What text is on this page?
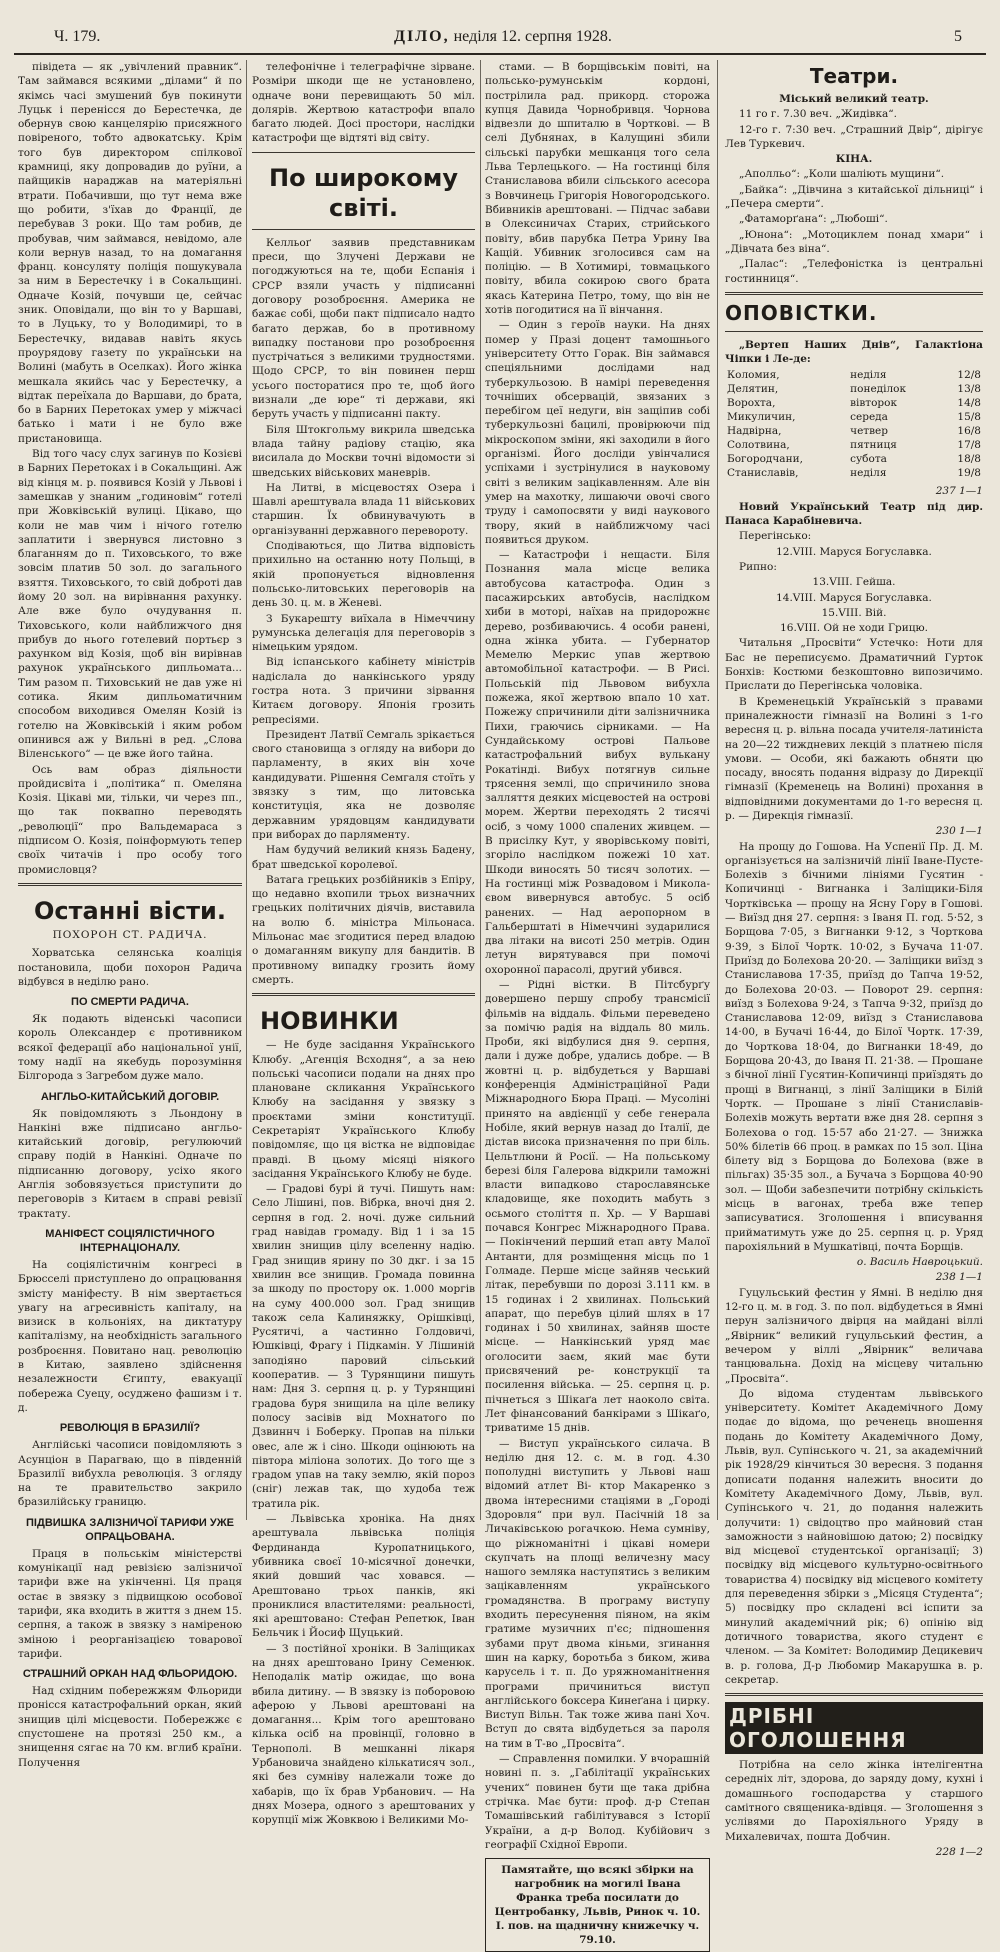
Ч. 179.	ДІЛО, неділя 12. серпня 1928.	5

півідета — як „увічлений правник“. Там займався всякими „ділами“ й по якімсь часі змушений був покинути Луцьк і перенісся до Берестечка, де обернув свою канцелярію присяжного повіреного, тобто адвокатську. Крім того був директором спілкової крамниці, яку допровадив до руїни, а пайщиків нараджав на матеріяльні втрати. Побачивши, що тут нема вже що робити, з'їхав до Франції, де перебував 3 роки. Що там робив, де пробував, чим займався, невідомо, але коли вернув назад, то на домагання франц. консуляту поліція пошукувала за ним в Берестечку і в Сокальщині. Одначе Козій, почувши це, сейчас зник. Оповідали, що він то у Варшаві, то в Луцьку, то у Володимирі, то в Берестечку, видавав навіть якусь проурядову газету по українськи на Волині (мабуть в Оселках). Його жінка мешкала якийсь час у Берестечку, а відтак переїхала до Варшави, до брата, бо в Барних Перетоках умер у міжчасі батько і мати і не було вже пристановища.

Від того часу слух загинув по Козієві в Барних Перетоках і в Сокальщині. Аж від кінця м. р. появився Козій у Львові і замешкав у знаним „годиновім“ готелі при Жовківській вулиці. Цікаво, що коли не мав чим і нічого готелю заплатити і звернувся листовно з благанням до п. Тиховського, то вже зовсім платив 50 зол. до загального взяття. Тиховського, то свій доброті дав йому 20 зол. на вирівнання рахунку. Але вже було очудування п. Тиховського, коли найближчого дня прибув до нього готелевий портьєр з рахунком від Козія, щоб він вирівнав рахунок українського дипльомата... Тим разом п. Тиховський не дав уже ні сотика. Яким дипльоматичним способом виходився Омелян Козій із готелю на Жовківській і яким робом опинився аж у Вильні в ред. „Слова Віленського“ — це вже його тайна.

Ось вам образ діяльности пройдисвіта і „політика“ п. Омеляна Козія. Цікаві ми, тільки, чи через пп., що так поквапно переводять „революції“ про Вальдемараса з підписом О. Козія, поінформують тепер своїх читачів і про особу того промисловця?

Останні вісти.
ПОХОРОН СТ. РАДИЧА.

Хорватська селянська коаліція постановила, щоби похорон Радича відбувся в неділю рано.

ПО СМЕРТИ РАДИЧА.

Як подають віденські часописи король Олександер є противником всякої федерації або національної унії, тому надії на якебудь порозуміння Білгорода з Загребом дуже мало.

АНГЛЬО-КИТАЙСЬКИЙ ДОГОВІР.

Як повідомляють з Льондону в Нанкіні вже підписано англьо-китайський договір, регулюючий справу подій в Нанкіні. Одначе по підписанню договору, усіхо якого Англія зобовязується приступити до переговорів з Китаєм в справі ревізії трактату.

МАНІФЕСТ СОЦІЯЛІСТИЧНОГО ІНТЕРНАЦІОНАЛУ.

На соціялістичнім конгресі в Брюсселі приступлено до опрацювання змісту маніфесту. В нім звертається увагу на агресивність капіталу, на визиск в кольоніях, на диктатуру капіталізму, на необхідність загального розброєння. Повитано нац. революцію в Китаю, заявлено здійснення незалежности Єгипту, евакуації побережа Суецу, осуджено фашизм і т. д.

РЕВОЛЮЦІЯ В БРАЗИЛІЇ?

Англійські часописи повідомляють з Асунціон в Парагваю, що в південній Бразилії вибухла революція. З огляду на те правительство закрило бразилійську границю.

ПІДВИШКА ЗАЛІЗНИЧОЇ ТАРИФИ УЖЕ ОПРАЦЬОВАНА.

Праця в польськім міністерстві комунікації над ревізією залізничої тарифи вже на укінченні. Ця праця остає в звязку з підвищкою особової тарифи, яка входить в життя з днем 15. серпня, а також в звязку з наміреною зміною і реорганізацією товарової тарифи.

СТРАШНИЙ ОРКАН НАД ФЛЬОРИДОЮ.

Над східним побережжям Фльориди пронісся катастрофальний оркан, який знищив цілі місцевости. Побережжє є спустошене на протязі 250 км., а знищення сягає на 70 км. вглиб країни. Получення

телефонічне і телеграфічне зірване. Розміри шкоди ще не установлено, одначе вони перевищають 50 міл. долярів. Жертвою катастрофи впало багато людей. Досі простори, наслідки катастрофи ще відтяті від світу.

По широкому світі.

Келльоґ заявив представникам преси, що Злучені Держави не погоджуються на те, щоби Еспанія і СРСР взяли участь у підписанні договору розоброєння. Америка не бажає собі, щоби пакт підписало надто багато держав, бо в противному випадку постанови про розоброєння пустрічаться з великими трудностями. Щодо СРСР, то він повинен перш усього посторатися про те, щоб його визнали „де юре“ ті держави, які беруть участь у підписанні пакту.

Біля Штокгольму викрила шведська влада тайну радіову стацію, яка висилала до Москви точні відомости зі шведських військових маневрів.

На Литві, в місцевостях Озера і Шавлі арештувала влада 11 військових старшин. Їх обвинувачують в організуванні державного перевороту.

Сподіваються, що Литва відповість прихильно на останню ноту Польщі, в якій пропонується відновлення польсько-литовських переговорів на день 30. ц. м. в Женеві.

З Букарешту виїхала в Німеччину румунська делегація для переговорів з німецьким урядом.

Від іспанського кабінету міністрів надіслала до нанкінського уряду гостра нота. З причини зірвання Китаєм договору. Японія грозить репресіями.

Президент Латвії Семгаль зрікається свого становища з огляду на вибори до парламенту, в яких він хоче кандидувати. Рішення Семгаля стоїть у звязку з тим, що литовська конституція, яка не дозволяє державним урядовцям кандидувати при виборах до парляменту.

Нам будучий великий князь Бадену, брат шведської королевої.

Ватага грецьких розбійників з Епіру, що недавно вхопили трьох визначних грецьких політичних діячів, виставила на волю б. міністра Мільонаса. Мільонас має згодитися перед владою о домаганням викупу для бандитів. В противному випадку грозить йому смерть.

НОВИНКИ

— Не буде засідання Українського Клюбу. „Агенція Всходня“, а за нею польські часописи подали на днях про плановане скликання Українського Клюбу на засідання у звязку з проєктами зміни конституції. Секретаріят Українського Клюбу повідомляє, що ця вістка не відповідає правді. В цьому місяці ніякого засідання Українського Клюбу не буде.

— Градові бурі й тучі. Пишуть нам: Село Лішині, пов. Вібрка, вночі дня 2. серпня в год. 2. ночі. дуже сильний град навідав громаду. Від 1 і за 15 хвилин знищив цілу вселенну надію. Град знищив ярину по 30 дкг. і за 15 хвилин все знищив. Громада повинна за шкоду по простору ок. 1.000 моргів на суму 400.000 зол. Град знищив також села Калиняжку, Орішківці, Русятичі, а частинно Голдовичі, Юшківці, Фрагу і Підкамін. У Лішиній заподіяно паровий сільський кооператив. — З Турянщини пишуть нам: Дня 3. серпня ц. р. у Турянщині градова буря знищила на ціле велику полосу засівів від Мохнатого по Дзвиннч і Боберку. Пропав на пільки овес, але ж і сіно. Шкоди оцінюють на півтора міліона золотих. До того ще з градом упав на таку землю, якій пороз (сніг) лежав так, що худоба теж тратила рік.

— Львівська хроніка. На днях арештувала львівська поліція Фердинанда Куропатницького, убивника своєї 10-місячної донечки, який довший час ховався. — Арештовано трьох панків, які прониклися властителями: реальності, які арештовано: Стефан Репетюк, Іван Бельчик і Йосиф Щуцький.

— З постійної хроніки. В Заліщиках на днях арештовано Ірину Семенюк. Неподалік матір ожидає, що вона вбила дитину. — В звязку із поборовою аферою у Львові арештовані на домагання... Крім того арештовано кілька осіб на провінції, головно в Тернополі. В мешканні лікаря Урбановича знайдено кількатисяч зол., які без сумніву належали тоже до хабарів, що їх брав Урбанович. — На днях Мозера, одного з арештованих у корупції між Жовквою і Великими Мо-

стами. — В борщівськім повіті, на польсько-румунськім кордоні, пострілила рад. прикорд. сторожа купця Давида Чорнобривця. Чорнова відвезли до шпиталю в Чорткові. — В селі Дубнянах, в Калущині збили сільські парубки мешканця того села Льва Терлецького. — На гостинці біля Станиславова вбили сільського асесора з Вовчинець Григорія Новогородського. Вбивників арештовані. — Підчас забави в Олексиничах Старих, стрийського повіту, вбив парубка Петра Урину Іва Кащій. Убивник зголосився сам на поліцію. — В Хотимирі, товмацького повіту, вбила сокирою свого брата якась Катерина Петро, тому, що він не хотів погодитися на її вінчання.

— Один з героїв науки. На днях помер у Празі доцент тамошнього університету Отто Горак. Він займався спеціяльними дослідами над туберкульозою. В намірі переведення точніших обсервацій, звязаних з перебігом цеї недуги, він защіпив собі туберкульозні бацилі, провірюючи під мікроскопом зміни, які заходили в його організмі. Його досліди увінчалися успіхами і зустрінулися в науковому світі з великим зацікавленням. Але він умер на махотку, лишаючи овочі свого труду і самопосвяти у виді наукового твору, який в найближчому часі появиться друком.

— Катастрофи і нещасти. Біля Познання мала місце велика автобусова катастрофа. Один з пасажирських автобусів, наслідком хиби в моторі, наїхав на придорожнє дерево, розбиваючись. 4 особи ранені, одна жінка убита. — Губернатор Мемелю Меркис упав жертвою автомобільної катастрофи. — В Рисі. Польській під Львовом вибухла пожежа, якої жертвою впало 10 хат. Пожежу спричинили діти залізничника Пихи, граючись сірниками. — На Сундайському острові Пальове катастрофальний вибух вулькану Рокатінді. Вибух потягнув сильне трясення землі, що спричинило знова залляття деяких місцевостей на острові морем. Жертви переходять 2 тисячі осіб, з чому 1000 спалених живцем. — В присілку Кут, у яворівському повіті, згоріло наслідком пожежі 10 хат. Шкоди виносять 50 тисяч золотих. — На гостинці між Розвадовом і Микола- євом вивернувся автобус. 5 осіб ранених. — Над аеропорном в Гальберштаті в Німеччині зударилися два літаки на висоті 250 метрів. Один летун вирятувався при помочі охоронної парасолі, другий убився.

— Рідні вістки. В Пітсбурґу довершено першу спробу трансмісії фільмів на віддаль. Фільми переведено за помічю радія на віддаль 80 миль. Проби, які відбулися дня 9. серпня, дали і дуже добре, удались добре. — В жовтні ц. р. відбудеться у Варшаві конференція Адміністраційної Ради Міжнародного Бюра Праці. — Мусоліні принято на авдієнції у себе генерала Нобіле, який вернув назад до Італії, де дістав висока призначення по при біль. Цельтлюни й Росії. — На польському березі біля Галерова відкрили таможні власти випадково старославянське кладовище, яке походить мабуть з осьмого століття п. Хр. — У Варшаві почався Конгрес Міжнародного Права. — Покінчений перший етап авту Малої Антанти, для розміщення місць по 1 Голмаде. Перше місце зайняв чеський літак, перебувши по дорозі 3.111 км. в 15 годинах і 2 хвилинах. Польський апарат, що перебув цілий шлях в 17 годинах і 50 хвилинах, зайняв шосте місце. — Нанкінський уряд має оголосити заєм, який має бути присвячений ре- конструкції та посилення війська. — 25. серпня ц. р. пічнеться з Шікаґа лет наоколо світа. Лет фінансований банкірами з Шікаґо, триватиме 15 днів.

— Виступ українського силача. В неділю дня 12. с. м. в год. 4.30 пополудні виступить у Львові наш відомий атлет Ві- ктор Макаренко з двома інтересними стаціями в „Городі Здоровля“ при вул. Пасічній 18 за Личаківською рогачкою. Нема сумніву, що ріжноманітні і цікаві номери скупчать на площі величезну масу нашого земляка наступятись з великим зацікавленням українського громадянства. В програму виступу входить пересунення піяном, на якім гратиме музичних п'єс; підношення зубами прут двома кіньми, згинання шин на карку, боротьба з биком, жива карусель і т. п. До уряжноманітнення програми причиниться виступ англійського боксера Кинеґана і цирку. Виступ Вільн. Так тоже жива пані Хоч. Вступ до свята відбудеться за пароля на тим в Т-во „Просвіта“.

— Справлення помилки. У вчорашній новині п. з. „Габілітації українських учених“ повинен бути ще така дрібна стрічка. Має бути: проф. д-р Степан Томашівський габілітувався з Історії України, а д-р Волод. Кубійович з географії Східної Европи.

Памятайте, що всякі збірки на нагробник на могилі Івана Франка треба посилати до Центробанку, Львів, Ринок ч. 10. І. пов. на щадничну книжечку ч. 79.10.
Театри.

Міський великий театр.

11 го г. 7.30 веч. „Жидівка“.

12-го г. 7:30 веч. „Страшний Двір“, дірігує Лев Туркевич.

КІНА.

„Аполльо“: „Коли шаліють мущини“.

„Байка“: „Дівчина з китайської дільниці“ і „Печера смерти“.

„Фатаморґана“: „Любоші“.

„Юнона“: „Мотоциклем понад хмари“ і „Дівчата без віна“.

„Палас“: „Телефоністка із центральні гостинниця“.

ОПОВІСТКИ.

„Вертеп Наших Днів“, Галактіона Чіпки і Ле-де:

Коломия,	неділя	12/8
Делятин,	понеділок	13/8
Ворохта,	вівторок	14/8
Микуличин,	середа	15/8
Надвірна,	четвер	16/8
Солотвина,	пятниця	17/8
Богородчани,	субота	18/8
Станиславів,	неділя	19/8

237 1—1

Новий Український Театр під дир. Панаса Карабіневича.

Перегінсько:

12.VIII. Маруся Богуславка.

Рипно:

13.VIII. Гейша.

14.VIII. Маруся Богуславка.

15.VIII. Вій.

16.VIII. Ой не ходи Грицю.

Читальня „Просвіти“ Устечко: Ноти для Бас не переписуємо. Драматичний Гурток Бонхів: Костюми безкоштовно випозичимо. Прислати до Перегінська чоловіка.

В Кременецькій Українській з правами приналежности гімназії на Волині з 1-го вересня ц. р. вільна посада учителя-латиніста на 20—22 тиждневих лекцій з платнею після умови. — Особи, які бажають обняти цю посаду, вносять подання відразу до Дирекції гімназії (Кременець на Волині) прохання в відповідними документами до 1-го вересня ц. р. — Дирекція гімназії.

230 1—1

На прощу до Гошова. На Успенії Пр. Д. М. організується на залізничій лінії Іване-Пусте-Болехів з бічними лініями Гусятин - Копичинці - Вигнанка і Заліщики-Біля Чортківська — прощу на Ясну Гору в Гошові. — Виїзд дня 27. серпня: з Іваня П. год. 5·52, з Борщова 7·05, з Вигнанки 9·12, з Чорткова 9·39, з Білої Чортк. 10·02, з Бучача 11·07. Приїзд до Болехова 20·20. — Заліщики виїзд з Станиславова 17·35, приїзд до Тапча 19·52, до Болехова 20·03. — Поворот 29. серпня: виїзд з Болехова 9·24, з Тапча 9·32, приїзд до Станиславова 12·09, виїзд з Станиславова 14·00, в Бучачі 16·44, до Білої Чортк. 17·39, до Чорткова 18·04, до Вигнанки 18·49, до Борщова 20·43, до Іваня П. 21·38. — Прошане з бічної лінії Гусятин-Копичинці приїздять до прощі в Вигнанці, з лінії Заліщики в Білій Чортк. — Прошане з лінії Станиславів-Болехів можуть вертати вже дня 28. серпня з Болехова о год. 15·57 або 21·27. — Знижка 50% білетів 66 проц. в рамках по 15 зол. Ціна білету від з Борщова до Болехова (вже в пільгах) 35·35 зол., а Бучача з Борщова 40·90 зол. — Щоби забезпечити потрібну скількість місць в вагонах, треба вже тепер записуватися. Зголошення і вписування прийматимуть уже до 25. серпня ц. р. Уряд парохіяльний в Мушкатівці, почта Борщів.

о. Василь Навроцький.

238 1—1

Гуцульський фестин у Ямні. В неділю дня 12-го ц. м. в год. 3. по пол. відбудеться в Ямні перун залізничого двірця на майдані віллі „Явірник“ великий гуцульський фестин, а вечером у віллі „Явірник“ величава танцювальна. Дохід на місцеву читальню „Просвіта“.

До відома студентам львівського університету. Комітет Академічного Дому подає до відома, що реченець вношення подань до Комітету Академічного Дому, Львів, вул. Супінського ч. 21, за академічний рік 1928/29 кінчиться 30 вересня. З подання дописати подання належить вносити до Комітету Академічного Дому, Львів, вул. Супінського ч. 21, до подання належить долучити: 1) свідоцтво про майновий стан заможности з найновішою датою; 2) посвідку від місцевої студентської організації; 3) посвідку від місцевого культурно-освітнього товариства 4) посвідку від місцевого комітету для переведення збірки з „Місяця Студента“; 5) посвідку про складені всі іспити за минулий академічний рік; 6) опінію від дотичного товариства, якого студент є членом. — За Комітет: Володимир Децикевич в. р. голова, Д-р Любомир Макарушка в. р. секретар.

ДРІБНІ ОГОЛОШЕННЯ

Потрібна на село жінка інтелігентна середніх літ, здорова, до заряду дому, кухні і домашнього господарства у старшого самітного священика-вдівця. — Зголошення з услівями до Парохіяльного Уряду в Михалевичах, пошта Добчин.

228 1—2
